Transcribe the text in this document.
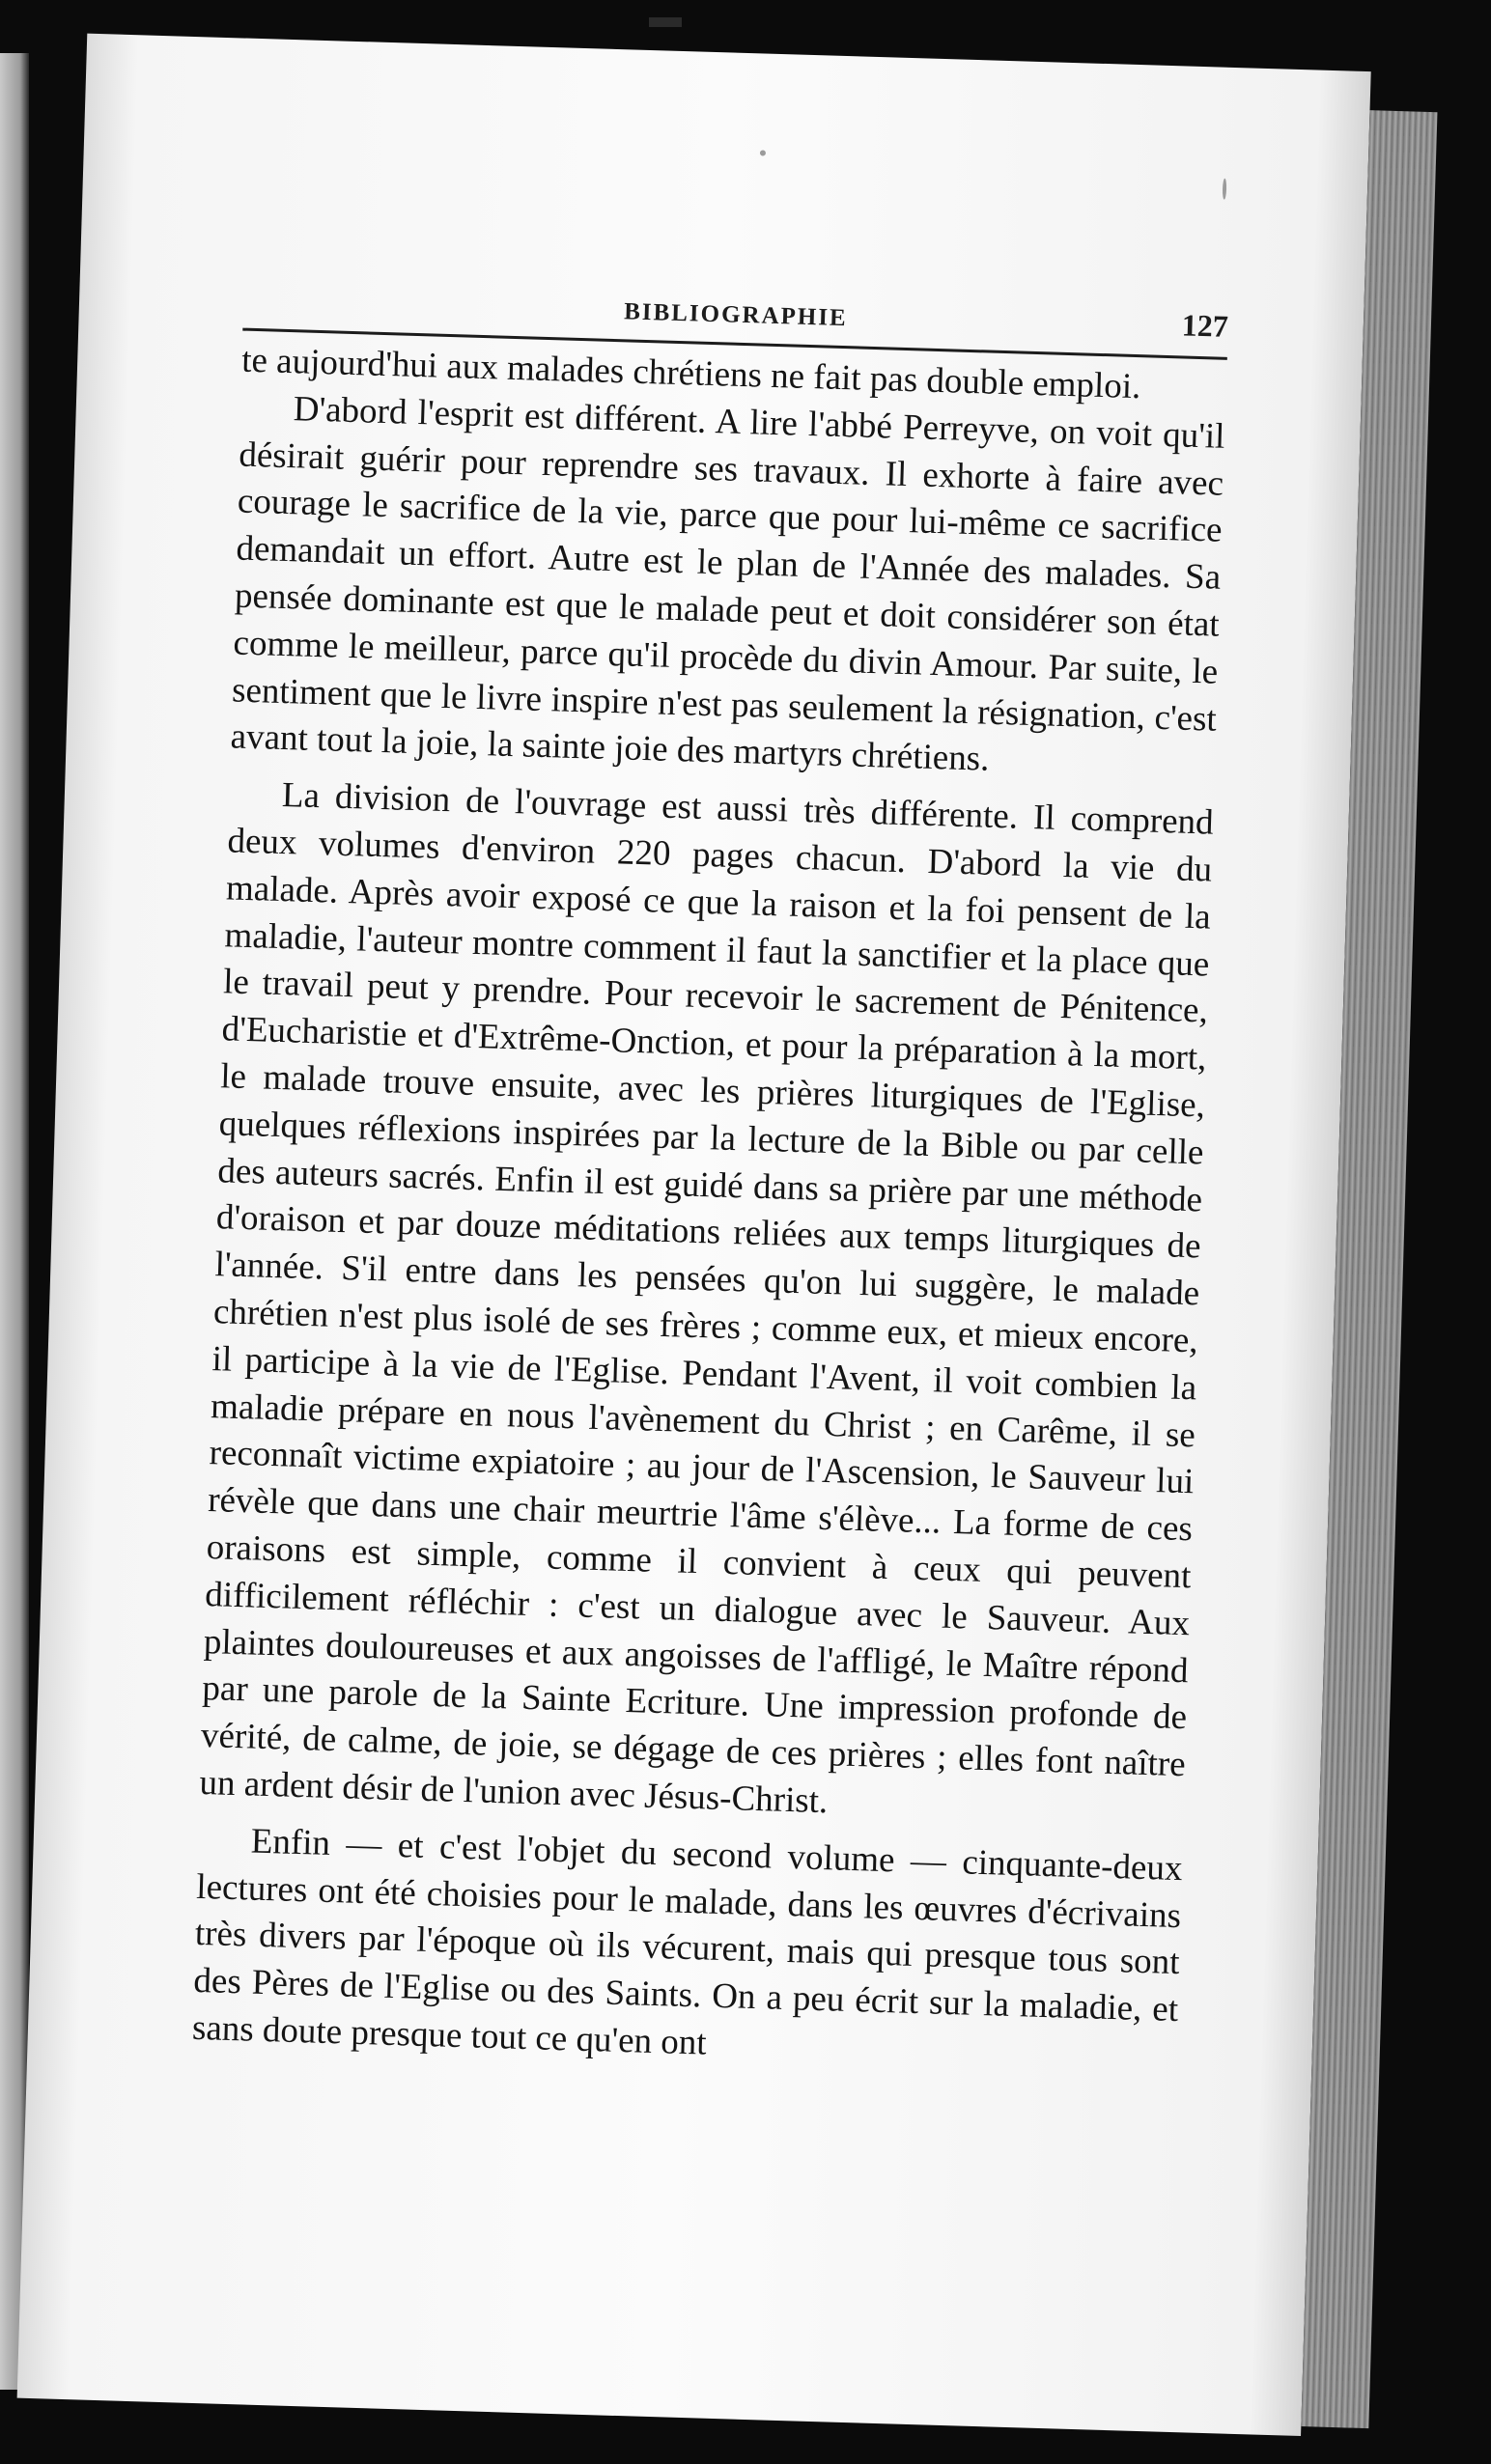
BIBLIOGRAPHIE	127

te aujourd'hui aux malades chrétiens ne fait pas double emploi.

D'abord l'esprit est différent. A lire l'abbé Perreyve, on voit qu'il désirait guérir pour reprendre ses travaux. Il exhorte à faire avec courage le sacrifice de la vie, parce que pour lui-même ce sacrifice demandait un effort. Autre est le plan de l'Année des malades. Sa pensée dominante est que le malade peut et doit considérer son état comme le meilleur, parce qu'il procède du divin Amour. Par suite, le sentiment que le livre inspire n'est pas seulement la résignation, c'est avant tout la joie, la sainte joie des martyrs chrétiens.

La division de l'ouvrage est aussi très différente. Il comprend deux volumes d'environ 220 pages chacun. D'abord la vie du malade. Après avoir exposé ce que la raison et la foi pensent de la maladie, l'auteur montre comment il faut la sanctifier et la place que le travail peut y prendre. Pour recevoir le sacrement de Pénitence, d'Eucharistie et d'Extrême-Onction, et pour la préparation à la mort, le malade trouve ensuite, avec les prières liturgiques de l'Eglise, quelques réflexions inspirées par la lecture de la Bible ou par celle des auteurs sacrés. Enfin il est guidé dans sa prière par une méthode d'oraison et par douze méditations reliées aux temps liturgiques de l'année. S'il entre dans les pensées qu'on lui suggère, le malade chrétien n'est plus isolé de ses frères ; comme eux, et mieux encore, il participe à la vie de l'Eglise. Pendant l'Avent, il voit combien la maladie prépare en nous l'avènement du Christ ; en Carême, il se reconnaît victime expiatoire ; au jour de l'Ascension, le Sauveur lui révèle que dans une chair meurtrie l'âme s'élève... La forme de ces oraisons est simple, comme il convient à ceux qui peuvent difficilement réfléchir : c'est un dialogue avec le Sauveur. Aux plaintes douloureuses et aux angoisses de l'affligé, le Maître répond par une parole de la Sainte Ecriture. Une impression profonde de vérité, de calme, de joie, se dégage de ces prières ; elles font naître un ardent désir de l'union avec Jésus-Christ.

Enfin — et c'est l'objet du second volume — cinquante-deux lectures ont été choisies pour le malade, dans les œuvres d'écrivains très divers par l'époque où ils vécurent, mais qui presque tous sont des Pères de l'Eglise ou des Saints. On a peu écrit sur la maladie, et sans doute presque tout ce qu'en ont
